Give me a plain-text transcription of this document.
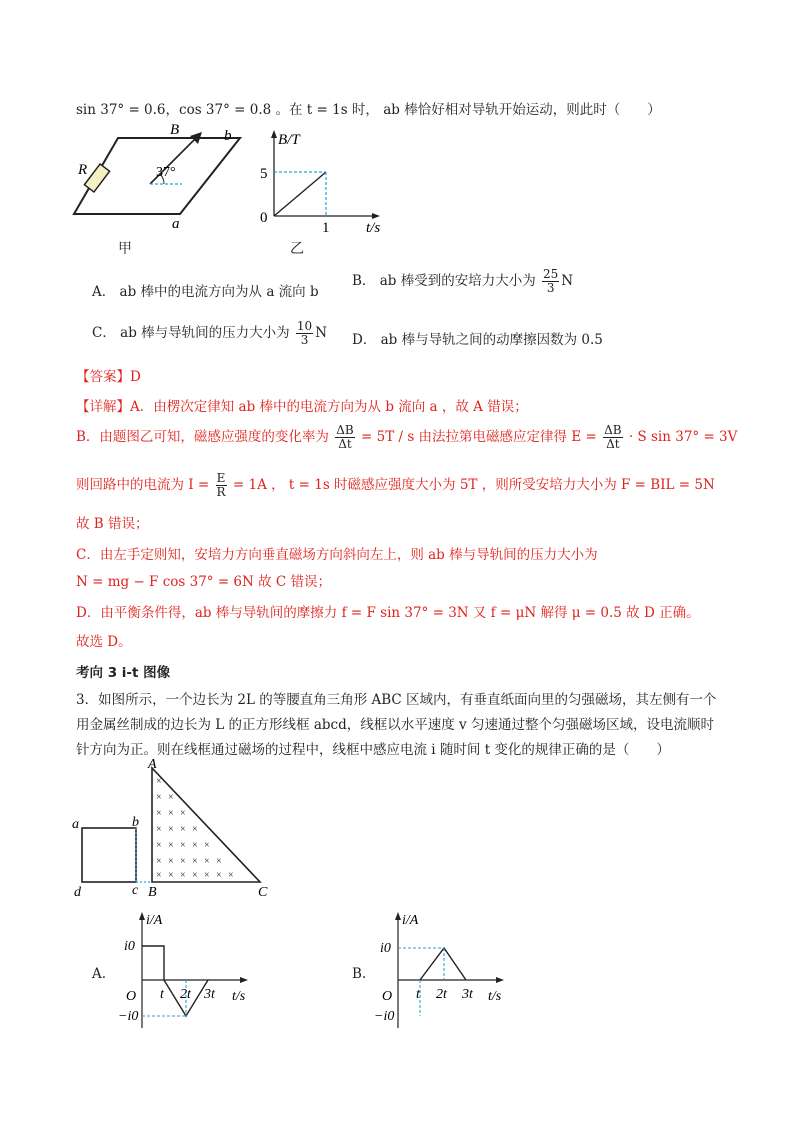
sin 37° = 0.6，cos 37° = 0.8 。在 t = 1s 时， ab 棒恰好相对导轨开始运动，则此时（　　）
R
B	b
a
37°
甲
B/T
5
0
1 t/s
乙
A． ab 棒中的电流方向为从 a 流向 b
B． ab 棒受到的安培力大小为 $\frac{25}{3}$ N
C． ab 棒与导轨间的压力大小为 $\frac{10}{3}$ N D． ab 棒与导轨之间的动摩擦因数为 0.5
【答案】D
【详解】A．由楞次定律知 ab 棒中的电流方向为从 b 流向 a ，故 A 错误；
B．由题图乙可知，磁感应强度的变化率为 $\frac{\Delta B}{\Delta t} = 5T / s$ 由法拉第电磁感应定律得 $E = \frac{\Delta B}{\Delta t} \cdot S$ sin 37° = 3V
则回路中的电流为 $I = \frac{E}{R} = 1A$ ， t = 1s 时磁感应强度大小为 5T ，则所受安培力大小为 F = BIL = 5N
故 B 错误；
C．由左手定则知，安培力方向垂直磁场方向斜向左上，则 ab 棒与导轨间的压力大小为
N = mg − F cos 37° = 6N 故 C 错误；
D．由平衡条件得，ab 棒与导轨间的摩擦力 f = F sin 37° = 3N 又 f = μN 解得 μ = 0.5 故 D 正确。
故选 D。
考向 3 i-t 图像
3．如图所示，一个边长为 2L 的等腰直角三角形 ABC 区域内，有垂直纸面向里的匀强磁场，其左侧有一个
用金属丝制成的边长为 L 的正方形线框 abcd，线框以水平速度 v 匀速通过整个匀强磁场区域，设电流顺时
针方向为正。则在线框通过磁场的过程中，线框中感应电流 i 随时间 t 变化的规律正确的是（　　）
×
× ×
× × ×
× × × ×
× × × × ×
× × × × × ×
× × × × × × ×
A
B	C
a	b
c
d
A.
i/A
i0
−i0
O t 2t 3t t/s
B.
i/A
i0
−i0
O t 2t 3t t/s
